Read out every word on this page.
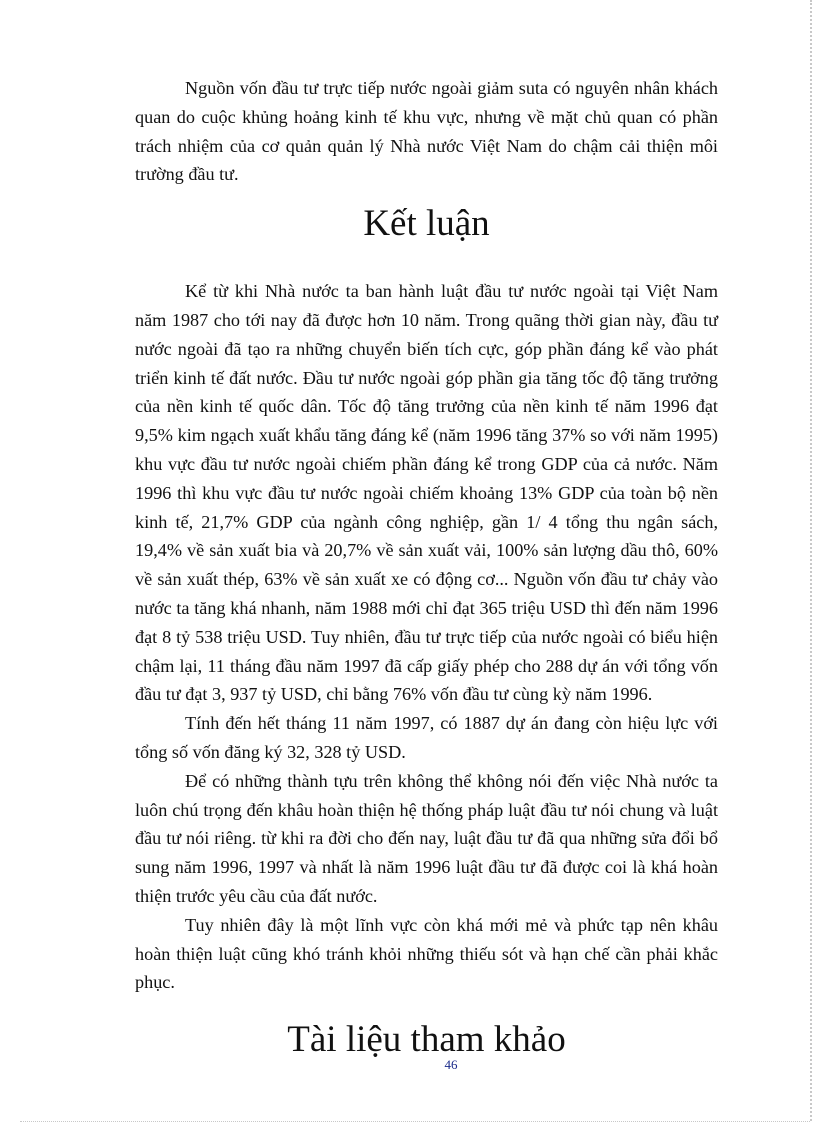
Nguồn vốn đầu tư trực tiếp nước ngoài giảm suta có nguyên nhân khách quan do cuộc khủng hoảng kinh tế khu vực, nhưng về mặt chủ quan có phần trách nhiệm của cơ quản quản lý Nhà nước Việt Nam do chậm cải thiện môi trường đầu tư.

Kết luận

Kể từ khi Nhà nước ta ban hành luật đầu tư nước ngoài tại Việt Nam năm 1987 cho tới nay đã được hơn 10 năm. Trong quãng thời gian này, đầu tư nước ngoài đã tạo ra những chuyển biến tích cực, góp phần đáng kể vào phát triển kinh tế đất nước. Đầu tư nước ngoài góp phần gia tăng tốc độ tăng trưởng của nền kinh tế quốc dân. Tốc độ tăng trưởng của nền kinh tế năm 1996 đạt 9,5% kim ngạch xuất khẩu tăng đáng kể (năm 1996 tăng 37% so với năm 1995) khu vực đầu tư nước ngoài chiếm phần đáng kể trong GDP của cả nước. Năm 1996 thì khu vực đầu tư nước ngoài chiếm khoảng 13% GDP của toàn bộ nền kinh tế, 21,7% GDP của ngành công nghiệp, gần 1/ 4 tổng thu ngân sách, 19,4% về sản xuất bia và 20,7% về sản xuất vải, 100% sản lượng dầu thô, 60% về sản xuất thép, 63% về sản xuất xe có động cơ... Nguồn vốn đầu tư chảy vào nước ta tăng khá nhanh, năm 1988 mới chỉ đạt 365 triệu USD thì đến năm 1996 đạt 8 tỷ 538 triệu USD. Tuy nhiên, đầu tư trực tiếp của nước ngoài có biểu hiện chậm lại, 11 tháng đầu năm 1997 đã cấp giấy phép cho 288 dự án với tổng vốn đầu tư đạt 3, 937 tỷ USD, chỉ bằng 76% vốn đầu tư cùng kỳ năm 1996.

Tính đến hết tháng 11 năm 1997, có 1887 dự án đang còn hiệu lực với tổng số vốn đăng ký 32, 328 tỷ USD.

Để có những thành tựu trên không thể không nói đến việc Nhà nước ta luôn chú trọng đến khâu hoàn thiện hệ thống pháp luật đầu tư nói chung và luật đầu tư nói riêng. từ khi ra đời cho đến nay, luật đầu tư đã qua những sửa đổi bổ sung năm 1996, 1997 và nhất là năm 1996 luật đầu tư đã được coi là khá hoàn thiện trước yêu cầu của đất nước.

Tuy nhiên đây là một lĩnh vực còn khá mới mẻ và phức tạp nên khâu hoàn thiện luật cũng khó tránh khỏi những thiếu sót và hạn chế cần phải khắc phục.

Tài liệu tham khảo
46
